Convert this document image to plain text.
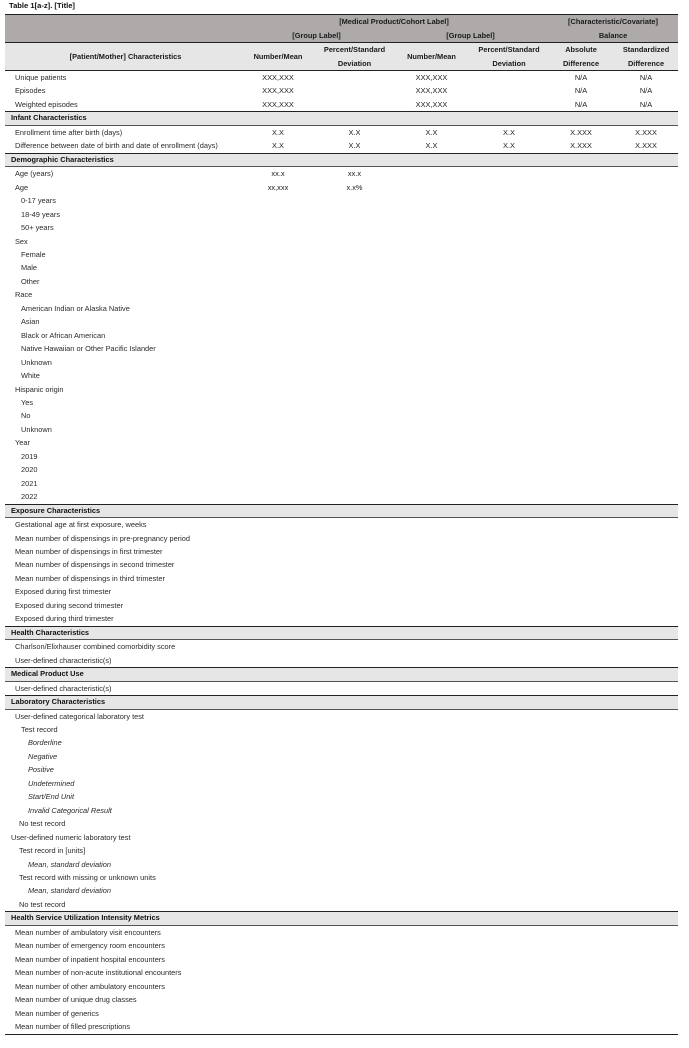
Table 1[a-z]. [Title]
	[Medical Product/Cohort Label]				[Characteristic/Covariate]	
	[Group Label]		[Group Label]		Balance	
[Patient/Mother] Characteristics	Number/Mean	Percent/Standard Deviation	Number/Mean	Percent/Standard Deviation	Absolute Difference	Standardized Difference
Unique patients	XXX,XXX		XXX,XXX		N/A	N/A
Episodes	XXX,XXX		XXX,XXX		N/A	N/A
Weighted episodes	XXX,XXX		XXX,XXX		N/A	N/A
Infant Characteristics						
Enrollment time after birth (days)	X.X	X.X	X.X	X.X	X.XXX	X.XXX
Difference between date of birth and date of enrollment (days)	X.X	X.X	X.X	X.X	X.XXX	X.XXX
Demographic Characteristics						
Age (years)	xx.x	xx.x				
Age	xx,xxx	x.x%				
0-17 years						
18-49 years						
50+ years						
Sex						
Female						
Male						
Other						
Race						
American Indian or Alaska Native						
Asian						
Black or African American						
Native Hawaiian or Other Pacific Islander						
Unknown						
White						
Hispanic origin						
Yes						
No						
Unknown						
Year						
2019						
2020						
2021						
2022						
Exposure Characteristics						
Gestational age at first exposure, weeks						
Mean number of dispensings in pre-pregnancy period						
Mean number of dispensings in first trimester						
Mean number of dispensings in second trimester						
Mean number of dispensings in third trimester						
Exposed during first trimester						
Exposed during second trimester						
Exposed during third trimester						
Health Characteristics						
Charlson/Elixhauser combined comorbidity score						
User-defined characteristic(s)						
Medical Product Use						
User-defined characteristic(s)						
Laboratory Characteristics						
User-defined categorical laboratory test						
Test record						
Borderline						
Negative						
Positive						
Undetermined						
Start/End Unit						
Invalid Categorical Result						
No test record						
User-defined numeric laboratory test						
Test record in [units]						
Mean, standard deviation						
Test record with missing or unknown units						
Mean, standard deviation						
No test record						
Health Service Utilization Intensity Metrics						
Mean number of ambulatory visit encounters						
Mean number of emergency room encounters						
Mean number of inpatient hospital encounters						
Mean number of non-acute institutional encounters						
Mean number of other ambulatory encounters						
Mean number of unique drug classes						
Mean number of generics						
Mean number of filled prescriptions						
